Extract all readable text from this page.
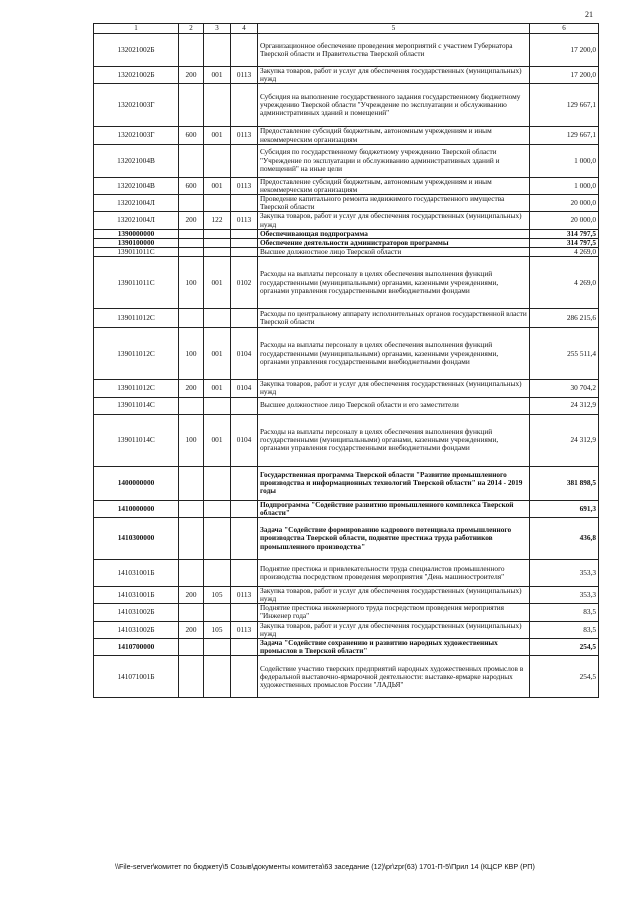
21
1	2	3	4	5	6
132021002Б				Организационное обеспечение проведения мероприятий с участием Губернатора Тверской области и Правительства Тверской области	17 200,0
132021002Б	200	001	0113	Закупка товаров, работ и услуг для обеспечения государственных (муниципальных) нужд	17 200,0
132021003Г				Субсидия на выполнение государственного задания государственному бюджетному учреждению Тверской области "Учреждение по эксплуатации и обслуживанию административных зданий и помещений"	129 667,1
132021003Г	600	001	0113	Предоставление субсидий бюджетным, автономным учреждениям и иным некоммерческим организациям	129 667,1
132021004В				Субсидия по государственному бюджетному учреждению Тверской области "Учреждение по эксплуатации и обслуживанию административных зданий и помещений" на иные цели	1 000,0
132021004В	600	001	0113	Предоставление субсидий бюджетным, автономным учреждениям и иным некоммерческим организациям	1 000,0
132021004Л				Проведение капитального ремонта недвижимого государственного имущества Тверской области	20 000,0
132021004Л	200	122	0113	Закупка товаров, работ и услуг для обеспечения государственных (муниципальных) нужд	20 000,0
1390000000				Обеспечивающая подпрограмма	314 797,5
1390100000				Обеспечение деятельности администраторов программы	314 797,5
139011011С				Высшее должностное лицо Тверской области	4 269,0
139011011С	100	001	0102	Расходы на выплаты персоналу в целях обеспечения выполнения функций государственными (муниципальными) органами, казенными учреждениями, органами управления государственными внебюджетными фондами	4 269,0
139011012С				Расходы по центральному аппарату исполнительных органов государственной власти Тверской области	286 215,6
139011012С	100	001	0104	Расходы на выплаты персоналу в целях обеспечения выполнения функций государственными (муниципальными) органами, казенными учреждениями, органами управления государственными внебюджетными фондами	255 511,4
139011012С	200	001	0104	Закупка товаров, работ и услуг для обеспечения государственных (муниципальных) нужд	30 704,2
139011014С				Высшее должностное лицо Тверской области и его заместители	24 312,9
139011014С	100	001	0104	Расходы на выплаты персоналу в целях обеспечения выполнения функций государственными (муниципальными) органами, казенными учреждениями, органами управления государственными внебюджетными фондами	24 312,9
1400000000				Государственная программа Тверской области "Развитие промышленного производства и информационных технологий Тверской области" на 2014 - 2019 годы	381 898,5
1410000000				Подпрограмма "Содействие развитию промышленного комплекса Тверской области"	691,3
1410300000				Задача "Содействие формированию кадрового потенциала промышленного производства Тверской области, поднятие престижа труда работников промышленного производства"	436,8
141031001Б				Поднятие престижа и привлекательности труда специалистов промышленного производства посредством проведения мероприятия "День машиностроителя"	353,3
141031001Б	200	105	0113	Закупка товаров, работ и услуг для обеспечения государственных (муниципальных) нужд	353,3
141031002Б				Поднятие престижа инженерного труда посредством проведения мероприятия "Инженер года"	83,5
141031002Б	200	105	0113	Закупка товаров, работ и услуг для обеспечения государственных (муниципальных) нужд	83,5
1410700000				Задача "Содействие сохранению и развитию народных художественных промыслов в Тверской области"	254,5
141071001Б				Содействие участию тверских предприятий народных художественных промыслов в федеральной выставочно-ярмарочной деятельности: выставке-ярмарке народных художественных промыслов России "ЛАДЬЯ"	254,5
\\File-server\комитет по бюджету\5 Созыв\документы комитета\63 заседание (12)\pr\zpr(63) 1701-П-5\Прил 14 (КЦСР КВР (РП)
